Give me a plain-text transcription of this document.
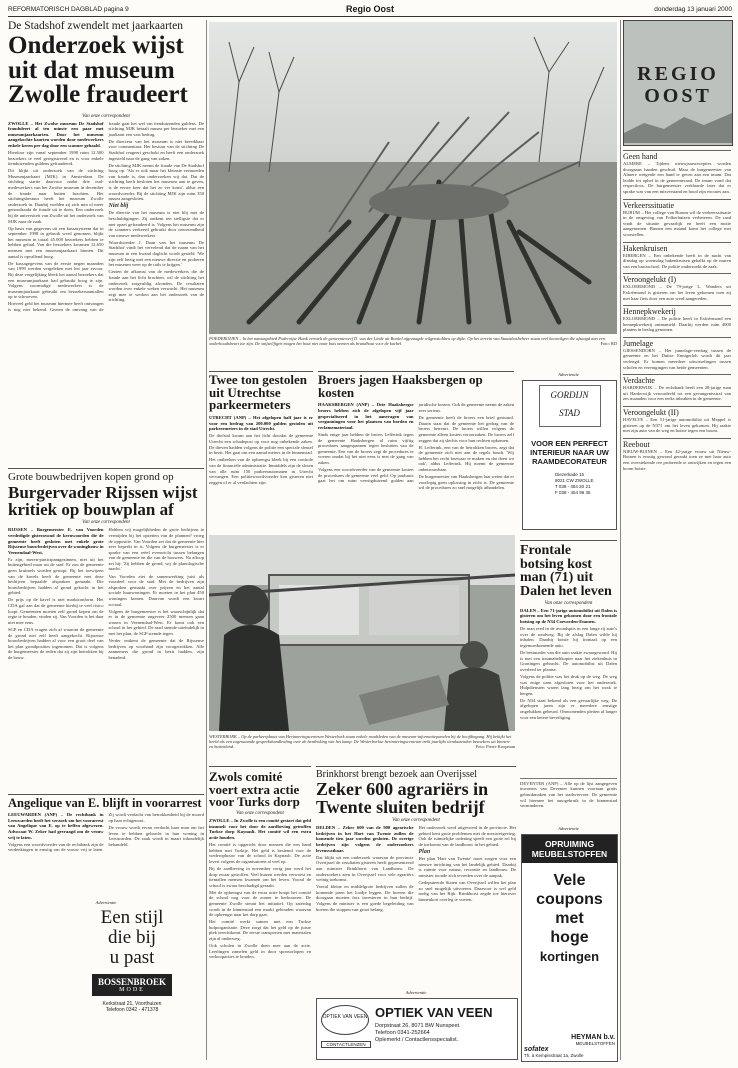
REFORMATORISCH DAGBLAD pagina 9	Regio Oost	donderdag 13 januari 2000
De Stadshof zwendelt met jaarkaarten
Onderzoek wijst uit dat museum Zwolle fraudeert
Van onze correspondent

ZWOLLE – Het Zwolse museum De Stadshof frauduleert al ten minste een paar met museumjaarkaarten. Door het museum aangekochte kaarten worden door medewerkers enkele keren per dag door een scanner gehaald.

Hierdoor zijn vanaf september 1998 ruim 12.500 bezoekers te veel geregistreerd en is voor enkele tienduizenden guldens gefraudeerd.

Dit blijkt uit onderzoek van de stichting Museumjaarkaart (MJK) in Amsterdam. De stichting startte daarvoor nadat drie oud-medewerkers van het Zwolse museum in december de fraude naar buiten brachten. Het stichtingsbestuur heeft het museum Zwolle onderzoek in. Daarbij voelden zij zich min of meer genoodzaakt de fraude uit te doen. Een onderzoek bij de universiteit van Zwolle uit het onderzoek van MJK naar de zaak.

Op basis van gegevens uit een kassasysteem dat in september 1998 in gebruik werd genomen, blijkt het museum in totaal 45.000 bezoekers hebben te hebben gehad. Van die bezoekers kwamen 12.650 mensen met een museumjaarkaart binnen. Dit aantal is opvallend hoog.

De kassagegevens van de eerste negen maanden van 1999 werden vergeleken met het jaar ervoor. Bij deze vergelijking bleek het aantal bezoekers dat een museumjaarkaart had gebruikt hoog te zijn. Volgens voormalige medewerkers is de museumjaarkaart gebruikt om bezoekersaantallen op te schroeven.

Hoeveel geld het museum hiermee heeft ontvangen is nog niet bekend. Gezien de omvang van de fraude gaat het wel om tienduizenden guldens. De stichting MJK betaalt musea per bezoeker met een jaarkaart een vast bedrag.

De directeur van het museum is niet bereikbaar voor commentaar. Het bestuur van de stichting De Stadshof reageert geschokt en heeft een onderzoek ingesteld naar de gang van zaken.

De stichting MJK neemt de fraude van De Stadshof hoog op. 'Als er ook maar het kleinste vermoeden van fraude is, dan onderzoeken wij dat. Dat de stichting heeft besloten het museum aan te geven, is de eerste keer dat het zo ver komt', aldus een woordvoerder. Bij de stichting MJK zijn ruim 350 musea aangesloten.

Niet blij

De directie van het museum is niet blij met de beschuldigingen. Zij ontkent ten stelligste dat er met opzet gefraudeerd is. Volgens het museum zijn de scanners verkeerd gebruikt door onwetendheid van nieuwe medewerkers.

Woordvoerder J. Daan van het museum De Stadshof vindt het vervelend dat de naam van het museum in een kwaad daglicht wordt gesteld. 'We zijn zelf bezig met een nieuwe directie en proberen het museum weer op de rails te krijgen.'

Gezien de afkomst van de medewerkers die de fraude aan het licht brachten, wil de stichting het onderzoek zorgvuldig afronden. De resultaten worden over enkele weken verwacht. Het museum zegt mee te werken aan het onderzoek van de stichting.

POEDEROIJEN – In het natuurgebied Poderoijse Hank vernielt de gemeentewerf D. van der Linde uit Boekel afgezaagde wilgenstobben op dijke. Op het terrein van Staatsbosbeheer staan veel knotwilgen die afzaagd aan een onderhoudsbeurt toe zijn. De snijsel/figen mogen het hout niet naar buis nemen als brandhout voor de kachel.	Foto: RD
Grote bouwbedrijven kopen grond op
Burgervader Rijssen wijst kritiek op bouwplan af
Van onze correspondent

RIJSSEN – Burgemeester E. van Voorden verdedigde gisteravond de kernwoorden die de gemeente heeft gesloten met enkele grote Rijssense bouwbedrijven over de woningbouw in Veenendaal-West.

Er zijn, meren-participantgezinnen, niet uit het buitengebied maar uit de stad. Er zou de gemeente geen kruimels worden gestopt. Bij het toewijzen van de kavels heeft de gemeente met deze bedrijven bepaalde afspraken gemaakt. Die bouwbedrijven hadden al grond gekocht in het gebied.

De prijs op de kavel is niet marktconform. Het CDA gaf aan dat de gemeente hierbij te veel risico loopt. Gemeenten moeten zelf grond kopen om de regie te houden, vinden zij. Van Voorden is het daar niet mee eens.

SGP en CDA vragen zich af waarom de gemeente de grond niet zelf heeft aangekocht. Rijssense bouwbedrijven hadden al voor een groot deel van het plan grondposities ingenomen. Dat is volgens de burgemeester de reden dat zij zijn betrokken bij de bouw.

Hebben wij mogelijkheden de grote bedrijven te vermijden bij het opzetten van de plannen? vroeg de oppositie. Van Voorden zei dat de gemeente hier zeer beperkt in is. Volgens de burgemeester is er sprake van een reëel evenwicht tussen belangen van de gemeente en die van de bouwers. Na afloop zei hij: 'Zij hebben de grond, wij de planologische macht.'

Van Voorden ziet de samenwerking juist als voordeel voor de stad. Met de bedrijven zijn afspraken gemaakt over prijzen en het aantal sociale huurwoningen. Er moeten in het plan 450 woningen komen. Daarvan wordt een kwart sociaal.

Volgens de burgemeester is het waarschijnlijk dat er in de gemeente ongeveer 2500 mensen gaan wonen in Veenendaal-West. Er komt ook een school in het gebied. De raad stemde uiteindelijk in met het plan; de SGP stemde tegen.

Verder ontkent de gemeente dat de Rijssense bedrijven op voorhand zijn voorgetrokken. Alle aannemers die grond in bezit hadden, zijn benaderd.

Twee ton gestolen uit Utrechtse parkeermeters

UTRECHT (ANP) – Het afgelopen half jaar is er voor een bedrag van 200.000 gulden gestolen uit parkeermeters in de stad Utrecht.

De diefstal kwam aan het licht doordat de gemeente Utrecht een schadepost op voor nog onbekende zaken. De dieven hadden volgens de politie een speciale sleutel in bezit. Het gaat om een aantal meters in de binnenstad.

Het ontbreken van de opbrengst bleek bij een controle van de financiële administratie. Inmiddels zijn de sloten van alle ruim 150 parkeerautomaten in Utrecht vervangen. Een politiewoordvoerder kon gisteren niet zeggen of er al verdachten zijn.

Broers jagen Haaksbergen op kosten

HAAKSBERGEN (ANP) – Drie Haaksbergse broers hebben zich de afgelopen vijf jaar gespecialiseerd in het aanvragen van vergunningen voor het plaatsen van borden en reclamemateriaal.

Sinds enige jaar hebben de broers Lefferink tegen de gemeente Haaksbergen al ruim vijftig procedures aangespannen tegen besluiten van de gemeente. Een van de broers zegt de procedures te voeren omdat hij het niet eens is met de gang van zaken.

Volgens een woordvoerder van de gemeente kosten de procedures de gemeente veel geld. Op jaarbasis gaat het om ruim veertigduizend gulden aan juridische kosten. Ook de gemeente neemt de zaken zeer serieus.

De gemeente heeft de broers een brief gestuurd. Daarin staat dat de gemeente het gedrag van de broers betreurt. De broers willen volgens de gemeente alleen kosten veroorzaken. De broers zelf zeggen dat zij slechts voor hun rechten opkomen.

H. Lefferink, een van de betrokken broers, zegt dat de gemeente zich niet aan de regels houdt. 'Wij hebben het recht bezwaar te maken en dat doen we ook', aldus Lefferink. Hij noemt de gemeente onbetrouwbaar.

De burgemeester van Haaksbergen laat weten dat er voorlopig geen oplossing in zicht is. De gemeente wil de procedures zo snel mogelijk afhandelen.

Advertentie
GORDIJN STAD
VOOR EEN PERFECT INTERIEUR NAAR UW RAAMDECORATEUR
Diezerkade 15
8021 CW ZWOLLE
T 038 - 454 20 21
F 038 - 454 96 35
WESTERBORK – Op de parkeerplaats van Herinneringscentrum Westerbork staan enkele raadsleden van de museum-informatiepanelen bij de hoofdingang. Hij bekijkt het beeld als een zogenaamde gesprekshandleiding over de herdenking van het kamp. De Westerborkse herinneringscentrum trekt jaarlijks tienduizenden bezoekers uit binnen- en buitenland.	Foto: Pierre Koopman
Frontale botsing kost man (71) uit Dalen het leven
Van onze correspondent

DALEN – Een 71-jarige automobilist uit Dalen is gisteren om het leven gekomen door een frontale botsing op de N34 Coevorden-Emmen.

De man reed in de avondspits in een lange rij auto's over de rondweg. Bij de afslag Dalen wilde hij inhalen. Daarbij botste hij frontaal op een tegemoetkomende auto.

De bestuurder van die auto raakte zwaargewond. Hij is met een traumahelikopter naar het ziekenhuis in Groningen gebracht. De automobilist uit Dalen overleed ter plaatse.

Volgens de politie was het druk op de weg. De weg was enige uren afgesloten voor het onderzoek. Hulpdiensten waren lang bezig om het wrak te bergen.

De N34 staat bekend als een gevaarlijke weg. De afgelopen jaren zijn er meerdere ernstige ongelukken gebeurd. Omwonenden pleiten al langer voor een betere beveiliging.

DEVENTER (ANP) – Alle op de lijst aangegeven inwoners van Deventer kunnen voortaan gratis gebruikmaken van het stadsvervoer. De gemeente wil hiermee het autogebruik in de binnenstad verminderen.

Advertentie
OPRUIMING MEUBELSTOFFEN
Vele
coupons
met
hoge
kortingen
HEYMAN b.v.
MEUBELSTOFFEN
sofatex
Th. à Kempisstraat 1a, Zwolle
Angelique van E. blijft in voorarrest

LEEUWARDEN (ANP) – De rechtbank in Leeuwarden heeft het verzoek om het voorarrest van Angelique van E. op te heffen afgewezen. Advocaat W. Zeker had gevraagd om de vrouw vrij te laten.

Volgens een woordvoerder van de rechtbank zijn de verdenkingen te ernstig om de vrouw vrij te laten. Zij wordt verdacht van betrokkenheid bij de moord op haar echtgenoot.

De vrouw wordt ervan verdacht haar man om het leven te hebben gebracht in hun woning in Leeuwarden. De zaak wordt in maart inhoudelijk behandeld.

Advertentie
Een stijl
die bij
u past
BOSSENBROEK
MODE
Kerkstraat 21, Voorthuizen
Telefoon 0342 - 471378
Zwols comité voert extra actie voor Turks dorp
Van onze correspondent

ZWOLLE – In Zwolle is een comité gestart dat geld inzamelt voor het door de aardbeving getroffen Turkse dorp Kaynasli. Het comité wil een extra actie houden.

Het comité is opgericht door mensen die een band hebben met Turkije. Het geld is bestemd voor de wederopbouw van de school in Kaynasli. De actie levert volgens de organisatoren al veel op.

Bij de aardbeving in november vorig jaar werd het dorp zwaar getroffen. Veel huizen werden verwoest en tientallen mensen kwamen om het leven. Vooral de school is zwaar beschadigd geraakt.

Met de opbrengst van de extra actie hoopt het comité de school nog voor de zomer te herbouwen. De gemeente Zwolle steunt het initiatief. Op zaterdag wordt in de binnenstad een markt gehouden waarvan de opbrengst naar het dorp gaat.

Het comité werkt samen met een Turkse hulporganisatie. Deze zorgt dat het geld op de juiste plek terechtkomt. De eerste transporten met materialen zijn al onderweg.

Ook scholen in Zwolle doen mee aan de actie. Leerlingen zamelen geld in door sponsorlopen en verkoopacties te houden.

Brinkhorst brengt bezoek aan Overijssel
Zeker 600 agrariërs in Twente sluiten bedrijf
Van onze correspondent

DELDEN – Zeker 600 van de 900 agrarische bedrijven in het Hart van Twente zullen de komende tien jaar worden gesloten. De overige bedrijven zijn volgens de onderzoekers levensvatbaar.

Dat blijkt uit een onderzoek waarvan de provincie Overijssel de resultaten gisteren heeft gepresenteerd aan minister Brinkhorst van Landbouw. De onderzoekers zien in Overijssel voor vele agrariërs weinig toekomst.

Vooral kleine en middelgrote bedrijven zullen de komende jaren het loodje leggen. De boeren die doorgaan moeten fors investeren in hun bedrijf. Volgens de minister is een goede begeleiding van boeren die stoppen van groot belang.

Het onderzoek werd uitgevoerd in de provincie. Het gebied kent grote problemen met de mestwetgeving. Ook de ruimtelijke ordening speelt een grote rol bij de toekomst van de landbouw in het gebied.

Plan

Het plan 'Hart van Twente' moet zorgen voor een nieuwe inrichting van het landelijk gebied. Daarbij is ruimte voor natuur, recreatie en landbouw. De minister toonde zich tevreden over de aanpak.

Gedeputeerde Staten van Overijssel willen het plan zo snel mogelijk uitvoeren. Daarvoor is wel geld nodig van het Rijk. Brinkhorst zegde toe hierover binnenkort overleg te voeren.

Advertentie
OPTIEK VAN VEEN
CONTACTLENZEN
OPTIEK VAN VEEN
Dorpstraat 26, 8071 BW Nunspeet.
Telefoon 0341-252664
Oplemerkt / Contactlensspecialist.
REGIO OOST
Geen hand
ALMERE – Tijdens nieuwjaarsrecepties worden doorgaans handen geschud. Maar de burgemeester van Almere weigerde een hand te geven aan een imam. Dat leidde tot ophef in de gemeenteraad. De imam vond dat respectloos. De burgemeester verklaarde later dat er sprake was van een misverstand en bood zijn excuses aan.
Verkeerssituatie
BURUM – Het college van Burum wil de verkeerssituatie in de omgeving van Folkerhuizen verbeteren. De raad vindt de situatie gevaarlijk en heeft een motie aangenomen. Binnen een maand komt het college met voorstellen.
Hakenkruisen
EIBERGEN – Een onbekende heeft in de nacht van dinsdag op woensdag hakenkruisen gekalkt op de muren van een basisschool. De politie onderzoekt de zaak.
Veroongelukt (I)
EXLOERMOND – De 79-jarige L. Wanders uit Exloërmond is gisteren om het leven gekomen toen zij met haar fiets door een auto werd aangereden.
Hennepkwekerij
EXLOERMOND – De politie heeft in Exloërmond een hennepkwekerij ontmanteld. Daarbij werden ruim 4000 planten in beslag genomen.
Jumelage
GIESSENDORN – Het jumelage-verdrag tussen de gemeente en het Duitse Ennigerloh wordt dit jaar verlengd. Er komen meerdere uitwisselingen tussen scholen en verenigingen van beide gemeenten.
Verdachte
HARDERWIJK – De rechtbank heeft een 28-jarige man uit Harderwijk veroordeeld tot een gevangenisstraf van zes maanden voor een reeks inbraken in de gemeente.
Veroongelukt (II)
HAVELTE – Een 51-jarige automobilist uit Meppel is gisteren op de N371 om het leven gekomen. Hij raakte met zijn auto van de weg en botste tegen een boom.
Reebout
NIEUW-BUINEN – Een 42-jarige vrouw uit Nieuw-Buinen is ernstig gewond geraakt toen ze met haar auto een overstekende ree probeerde te ontwijken en tegen een boom botste.
